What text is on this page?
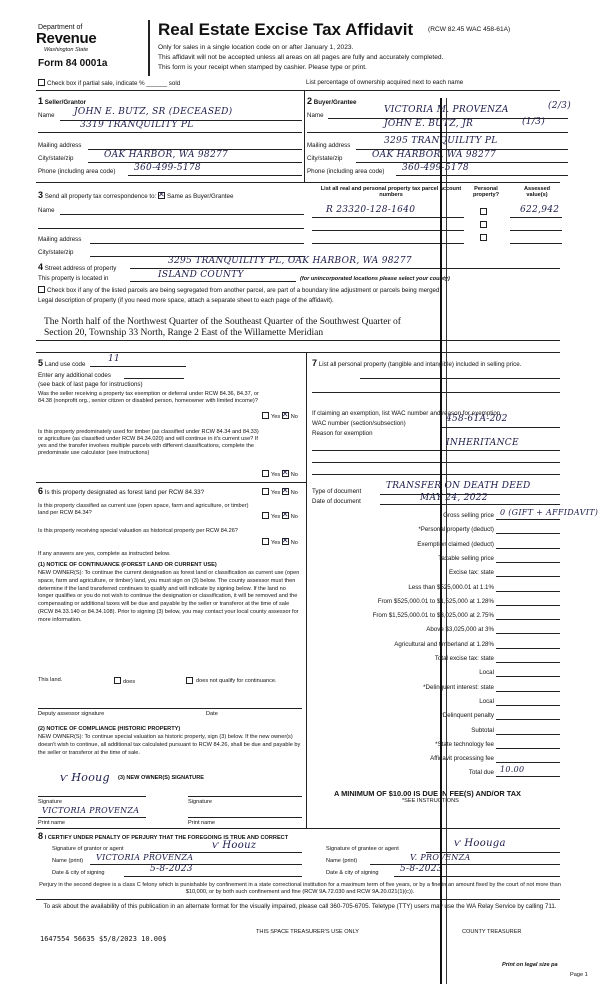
Department of
Revenue
Washington State
Form 84 0001a
Real Estate Excise Tax Affidavit (RCW 82.45 WAC 458-61A)
Only for sales in a single location code on or after January 1, 2023.
This affidavit will not be accepted unless all areas on all pages are fully and accurately completed.
This form is your receipt when stamped by cashier. Please type or print.
Check box if partial sale, indicate % ______ sold	List percentage of ownership acquired next to each name
1 Seller/Grantor
Name JOHN E. BUTZ, SR (DECEASED)
3319 TRANQUILITY PL
Mailing address
City/state/zip	OAK HARBOR, WA 98277
Phone (including area code) 360-499-5178
2 Buyer/Grantee
Name
VICTORIA M. PROVENZA	(2/3)
JOHN E. BUTZ, JR	(1/3)
Mailing address	3295 TRANQUILITY PL
City/state/zip	OAK HARBOR, WA 98277
Phone (including area code) 360-499-5178
3 Send all property tax correspondence to: ✕ Same as Buyer/Grantee
Name
Mailing address
City/state/zip
List all real and personal property tax parcel account numbers
Personal property?
Assessed value(s)
R 23320-128-1640	622,942
4 Street address of property
3295 TRANQUILITY PL, OAK HARBOR, WA 98277
This property is located in	ISLAND COUNTY	(for unincorporated locations please select your county)
Check box if any of the listed parcels are being segregated from another parcel, are part of a boundary line adjustment or parcels being merged.
Legal description of property (if you need more space, attach a separate sheet to each page of the affidavit).
The North half of the Northwest Quarter of the Southeast Quarter of the Southwest Quarter of
Section 20, Township 33 North, Range 2 East of the Willamette Meridian
5 Land use code
11
Enter any additional codes
(see back of last page for instructions)
Was the seller receiving a property tax exemption or deferral under RCW 84.36, 84.37, or 84.38 (nonprofit org., senior citizen or disabled person, homeowner with limited income)?
Yes ✕ No
Is this property predominately used for timber (as classified under RCW 84.34 and 84.33) or agriculture (as classified under RCW 84.34.020) and will continue in it's current use? If yes and the transfer involves multiple parcels with different classifications, complete the predominate use calculator (see instructions)
Yes ✕ No
6 Is this property designated as forest land per RCW 84.33?	Yes ✕ No
Is this property classified as current use (open space, farm and agriculture, or timber) land per RCW 84.34?
Yes ✕ No
Is this property receiving special valuation as historical property per RCW 84.26?
Yes ✕ No
If any answers are yes, complete as instructed below.
(1) NOTICE OF CONTINUANCE (FOREST LAND OR CURRENT USE)
NEW OWNER(S): To continue the current designation as forest land or classification as current use (open space, farm and agriculture, or timber) land, you must sign on (3) below. The county assessor must then determine if the land transferred continues to qualify and will indicate by signing below. If the land no longer qualifies or you do not wish to continue the designation or classification, it will be removed and the compensating or additional taxes will be due and payable by the seller or transferor at the time of sale (RCW 84.33.140 or 84.34.108). Prior to signing (3) below, you may contact your local county assessor for more information.
This land.	does	does not qualify for continuance.
Deputy assessor signature	Date
(2) NOTICE OF COMPLIANCE (HISTORIC PROPERTY)
NEW OWNER(S): To continue special valuation as historic property, sign (3) below. If the new owner(s) doesn't wish to continue, all additional tax calculated pursuant to RCW 84.26, shall be due and payable by the seller or transferor at the time of sale.
(3) NEW OWNER(S) SIGNATURE
ⱱ Hooug
Signature	Signature
VICTORIA PROVENZA
Print name	Print name
7 List all personal property (tangible and intangible) included in selling price.
If claiming an exemption, list WAC number and reason for exemption.
WAC number (section/subsection)	458-61A-202
Reason for exemption
INHERITANCE
Type of document
TRANSFER ON DEATH DEED
Date of document	MAY 24, 2022
Gross selling price 0 (GIFT + AFFIDAVIT)
*Personal property (deduct)
Exemption claimed (deduct)
Taxable selling price
Excise tax: state
Less than $525,000.01 at 1.1%
From $525,000.01 to $1,525,000 at 1.28%
From $1,525,000.01 to $3,025,000 at 2.75%
Above $3,025,000 at 3%
Agricultural and timberland at 1.28%
Total excise tax: state
Local
*Delinquent interest: state
Local
*Delinquent penalty
Subtotal
*State technology fee
Affidavit processing fee
Total due 10.00
A MINIMUM OF $10.00 IS DUE IN FEE(S) AND/OR TAX
*SEE INSTRUCTIONS
8 I CERTIFY UNDER PENALTY OF PERJURY THAT THE FOREGOING IS TRUE AND CORRECT
Signature of grantor or agent	ⱱ Hoouz
Name (print) VICTORIA PROVENZA
Date & city of signing	5-8-2023
Signature of grantee or agent	ⱱ Hoouga
Name (print)	V. PROVENZA
Date & city of signing 5-8-2023
Perjury in the second degree is a class C felony which is punishable by confinement in a state correctional institution for a maximum term of five years, or by a fine in an amount fixed by the court of not more than $10,000, or by both such confinement and fine (RCW 9A.72.030 and RCW 9A.20.021(1)(c)).
To ask about the availability of this publication in an alternate format for the visually impaired, please call 360-705-6705. Teletype (TTY) users may use the WA Relay Service by calling 711.
1647554 56635 $5/8/2023 10.00$
THIS SPACE TREASURER'S USE ONLY	COUNTY TREASURER
Print on legal size pa
Page 1
